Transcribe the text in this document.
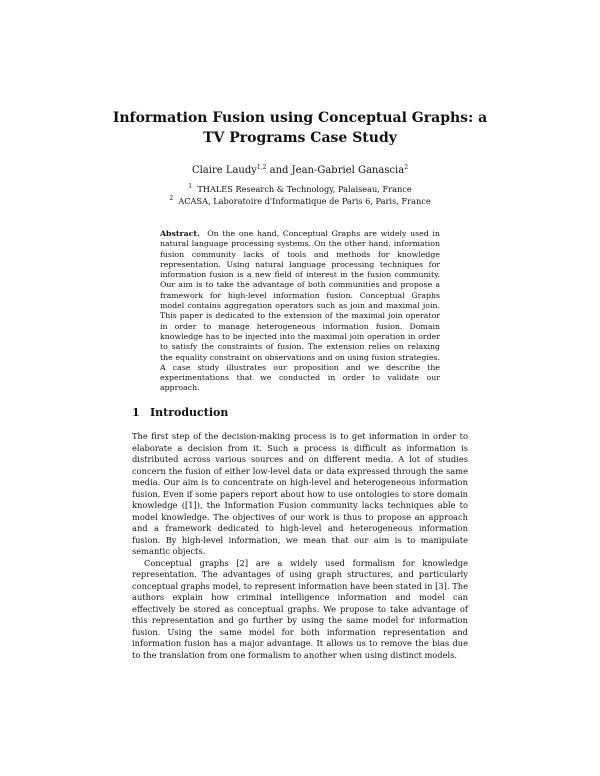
Information Fusion using Conceptual Graphs: a
TV Programs Case Study
Claire Laudy$^{1,2}$ and Jean-Gabriel Ganascia$^2$
$^1$ THALES Research & Technology, Palaiseau, France
$^2$ ACASA, Laboratoire d'Informatique de Paris 6, Paris, France

Abstract. On the one hand, Conceptual Graphs are widely used in natural language processing systems. On the other hand, information fusion community lacks of tools and methods for knowledge representation. Using natural language processing techniques for information fusion is a new field of interest in the fusion community. Our aim is to take the advantage of both communities and propose a framework for high-level information fusion. Conceptual Graphs model contains aggregation operators such as join and maximal join. This paper is dedicated to the extension of the maximal join operator in order to manage heterogeneous information fusion. Domain knowledge has to be injected into the maximal join operation in order to satisfy the constraints of fusion. The extension relies on relaxing the equality constraint on observations and on using fusion strategies. A case study illustrates our proposition and we describe the experimentations that we conducted in order to validate our approach.

1 Introduction

The first step of the decision-making process is to get information in order to elaborate a decision from it. Such a process is difficult as information is distributed across various sources and on different media. A lot of studies concern the fusion of either low-level data or data expressed through the same media. Our aim is to concentrate on high-level and heterogeneous information fusion. Even if some papers report about how to use ontologies to store domain knowledge ([1]), the Information Fusion community lacks techniques able to model knowledge. The objectives of our work is thus to propose an approach and a framework dedicated to high-level and heterogeneous information fusion. By high-level information, we mean that our aim is to manipulate semantic objects.

Conceptual graphs [2] are a widely used formalism for knowledge representation. The advantages of using graph structures, and particularly conceptual graphs model, to represent information have been stated in [3]. The authors explain how criminal intelligence information and model can effectively be stored as conceptual graphs. We propose to take advantage of this representation and go further by using the same model for information fusion. Using the same model for both information representation and information fusion has a major advantage. It allows us to remove the bias due to the translation from one formalism to another when using distinct models.
